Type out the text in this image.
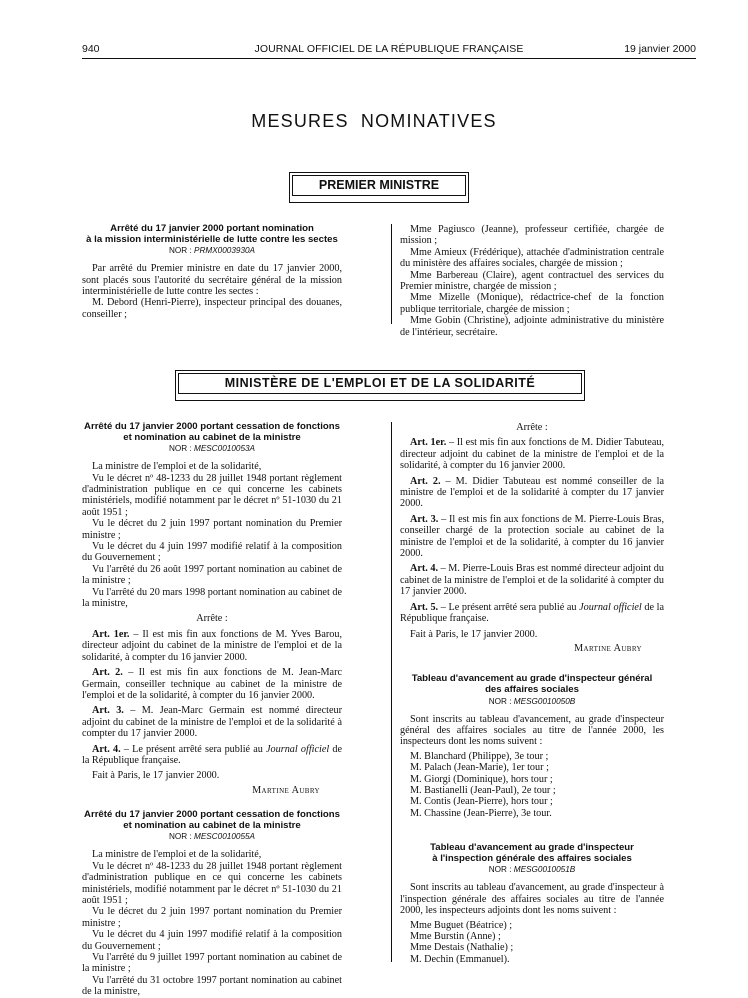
940	JOURNAL OFFICIEL DE LA RÉPUBLIQUE FRANÇAISE	19 janvier 2000
MESURES NOMINATIVES
PREMIER MINISTRE

Arrêté du 17 janvier 2000 portant nomination

à la mission interministérielle de lutte contre les sectes

NOR : PRMX0003930A

Par arrêté du Premier ministre en date du 17 janvier 2000, sont placés sous l'autorité du secrétaire général de la mission interministérielle de lutte contre les sectes :

M. Debord (Henri-Pierre), inspecteur principal des douanes, conseiller ;

Mme Pagiusco (Jeanne), professeur certifiée, chargée de mission ;

Mme Amieux (Frédérique), attachée d'administration centrale du ministère des affaires sociales, chargée de mission ;

Mme Barbereau (Claire), agent contractuel des services du Premier ministre, chargée de mission ;

Mme Mizelle (Monique), rédactrice-chef de la fonction publique territoriale, chargée de mission ;

Mme Gobin (Christine), adjointe administrative du ministère de l'intérieur, secrétaire.

MINISTÈRE DE L'EMPLOI ET DE LA SOLIDARITÉ

Arrêté du 17 janvier 2000 portant cessation de fonctions

et nomination au cabinet de la ministre

NOR : MESC0010053A

La ministre de l'emploi et de la solidarité,

Vu le décret nº 48-1233 du 28 juillet 1948 portant règlement d'administration publique en ce qui concerne les cabinets ministériels, modifié notamment par le décret nº 51-1030 du 21 août 1951 ;

Vu le décret du 2 juin 1997 portant nomination du Premier ministre ;

Vu le décret du 4 juin 1997 modifié relatif à la composition du Gouvernement ;

Vu l'arrêté du 26 août 1997 portant nomination au cabinet de la ministre ;

Vu l'arrêté du 20 mars 1998 portant nomination au cabinet de la ministre,

Arrête :

Art. 1er. – Il est mis fin aux fonctions de M. Yves Barou, directeur adjoint du cabinet de la ministre de l'emploi et de la solidarité, à compter du 16 janvier 2000.

Art. 2. – Il est mis fin aux fonctions de M. Jean-Marc Germain, conseiller technique au cabinet de la ministre de l'emploi et de la solidarité, à compter du 16 janvier 2000.

Art. 3. – M. Jean-Marc Germain est nommé directeur adjoint du cabinet de la ministre de l'emploi et de la solidarité à compter du 17 janvier 2000.

Art. 4. – Le présent arrêté sera publié au Journal officiel de la République française.

Fait à Paris, le 17 janvier 2000.

Martine Aubry

Arrêté du 17 janvier 2000 portant cessation de fonctions

et nomination au cabinet de la ministre

NOR : MESC0010055A

La ministre de l'emploi et de la solidarité,

Vu le décret nº 48-1233 du 28 juillet 1948 portant règlement d'administration publique en ce qui concerne les cabinets ministériels, modifié notamment par le décret nº 51-1030 du 21 août 1951 ;

Vu le décret du 2 juin 1997 portant nomination du Premier ministre ;

Vu le décret du 4 juin 1997 modifié relatif à la composition du Gouvernement ;

Vu l'arrêté du 9 juillet 1997 portant nomination au cabinet de la ministre ;

Vu l'arrêté du 31 octobre 1997 portant nomination au cabinet de la ministre,

Arrête :

Art. 1er. – Il est mis fin aux fonctions de M. Didier Tabuteau, directeur adjoint du cabinet de la ministre de l'emploi et de la solidarité, à compter du 16 janvier 2000.

Art. 2. – M. Didier Tabuteau est nommé conseiller de la ministre de l'emploi et de la solidarité à compter du 17 janvier 2000.

Art. 3. – Il est mis fin aux fonctions de M. Pierre-Louis Bras, conseiller chargé de la protection sociale au cabinet de la ministre de l'emploi et de la solidarité, à compter du 16 janvier 2000.

Art. 4. – M. Pierre-Louis Bras est nommé directeur adjoint du cabinet de la ministre de l'emploi et de la solidarité à compter du 17 janvier 2000.

Art. 5. – Le présent arrêté sera publié au Journal officiel de la République française.

Fait à Paris, le 17 janvier 2000.

Martine Aubry

Tableau d'avancement au grade d'inspecteur général

des affaires sociales

NOR : MESG0010050B

Sont inscrits au tableau d'avancement, au grade d'inspecteur général des affaires sociales au titre de l'année 2000, les inspecteurs dont les noms suivent :

M. Blanchard (Philippe), 3e tour ;
M. Palach (Jean-Marie), 1er tour ;
M. Giorgi (Dominique), hors tour ;
M. Bastianelli (Jean-Paul), 2e tour ;
M. Contis (Jean-Pierre), hors tour ;
M. Chassine (Jean-Pierre), 3e tour.

Tableau d'avancement au grade d'inspecteur

à l'inspection générale des affaires sociales

NOR : MESG0010051B

Sont inscrits au tableau d'avancement, au grade d'inspecteur à l'inspection générale des affaires sociales au titre de l'année 2000, les inspecteurs adjoints dont les noms suivent :

Mme Buguet (Béatrice) ;
Mme Burstin (Anne) ;
Mme Destais (Nathalie) ;
M. Dechin (Emmanuel).
